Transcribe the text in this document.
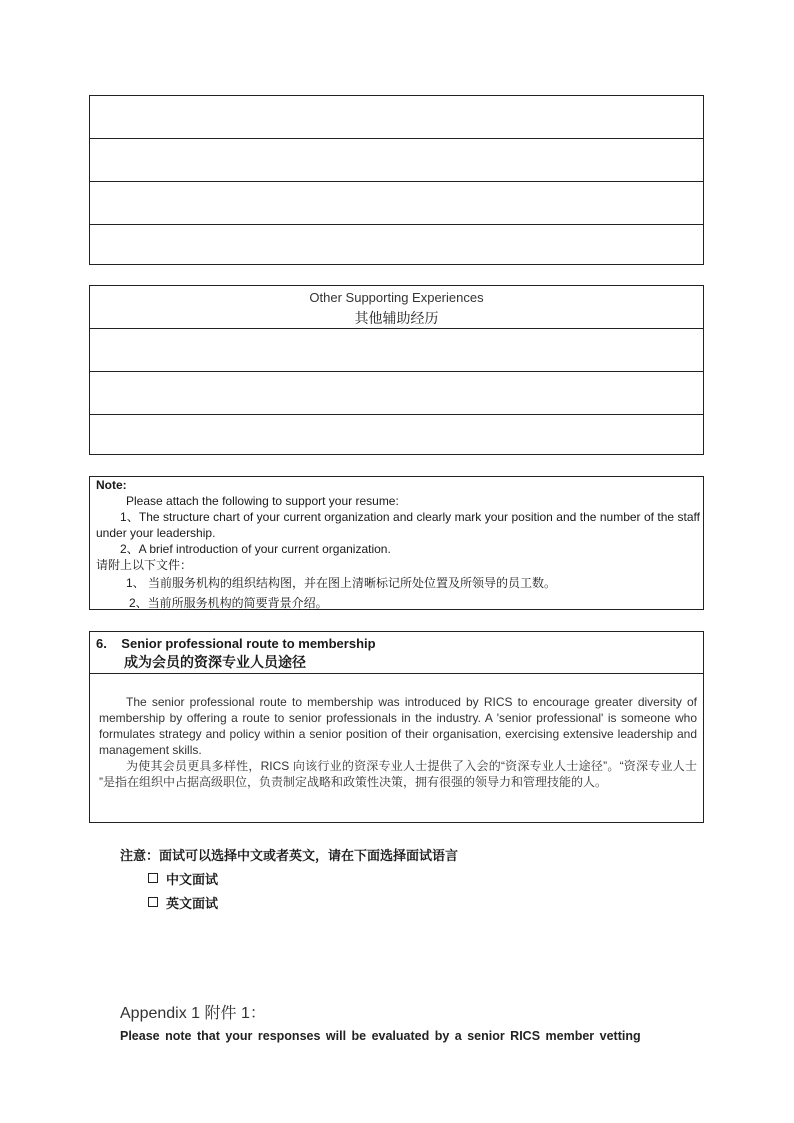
Other Supporting Experiences
其他辅助经历
Note:
Please attach the following to support your resume:
1、The structure chart of your current organization and clearly mark your position and the number of the staff under your leadership.
2、A brief introduction of your current organization.
请附上以下文件：
1、 当前服务机构的组织结构图，并在图上清晰标记所处位置及所领导的员工数。
2、当前所服务机构的简要背景介绍。
6. Senior professional route to membership
成为会员的资深专业人员途径
The senior professional route to membership was introduced by RICS to encourage greater diversity of membership by offering a route to senior professionals in the industry. A 'senior professional' is someone who formulates strategy and policy within a senior position of their organisation, exercising extensive leadership and management skills.
为使其会员更具多样性，RICS 向该行业的资深专业人士提供了入会的“资深专业人士途径”。“资深专业人士 ”是指在组织中占据高级职位，负责制定战略和政策性决策，拥有很强的领导力和管理技能的人。
注意：面试可以选择中文或者英文，请在下面选择面试语言
中文面试
英文面试
Appendix 1 附件 1：
Please note that your responses will be evaluated by a senior RICS member vetting
